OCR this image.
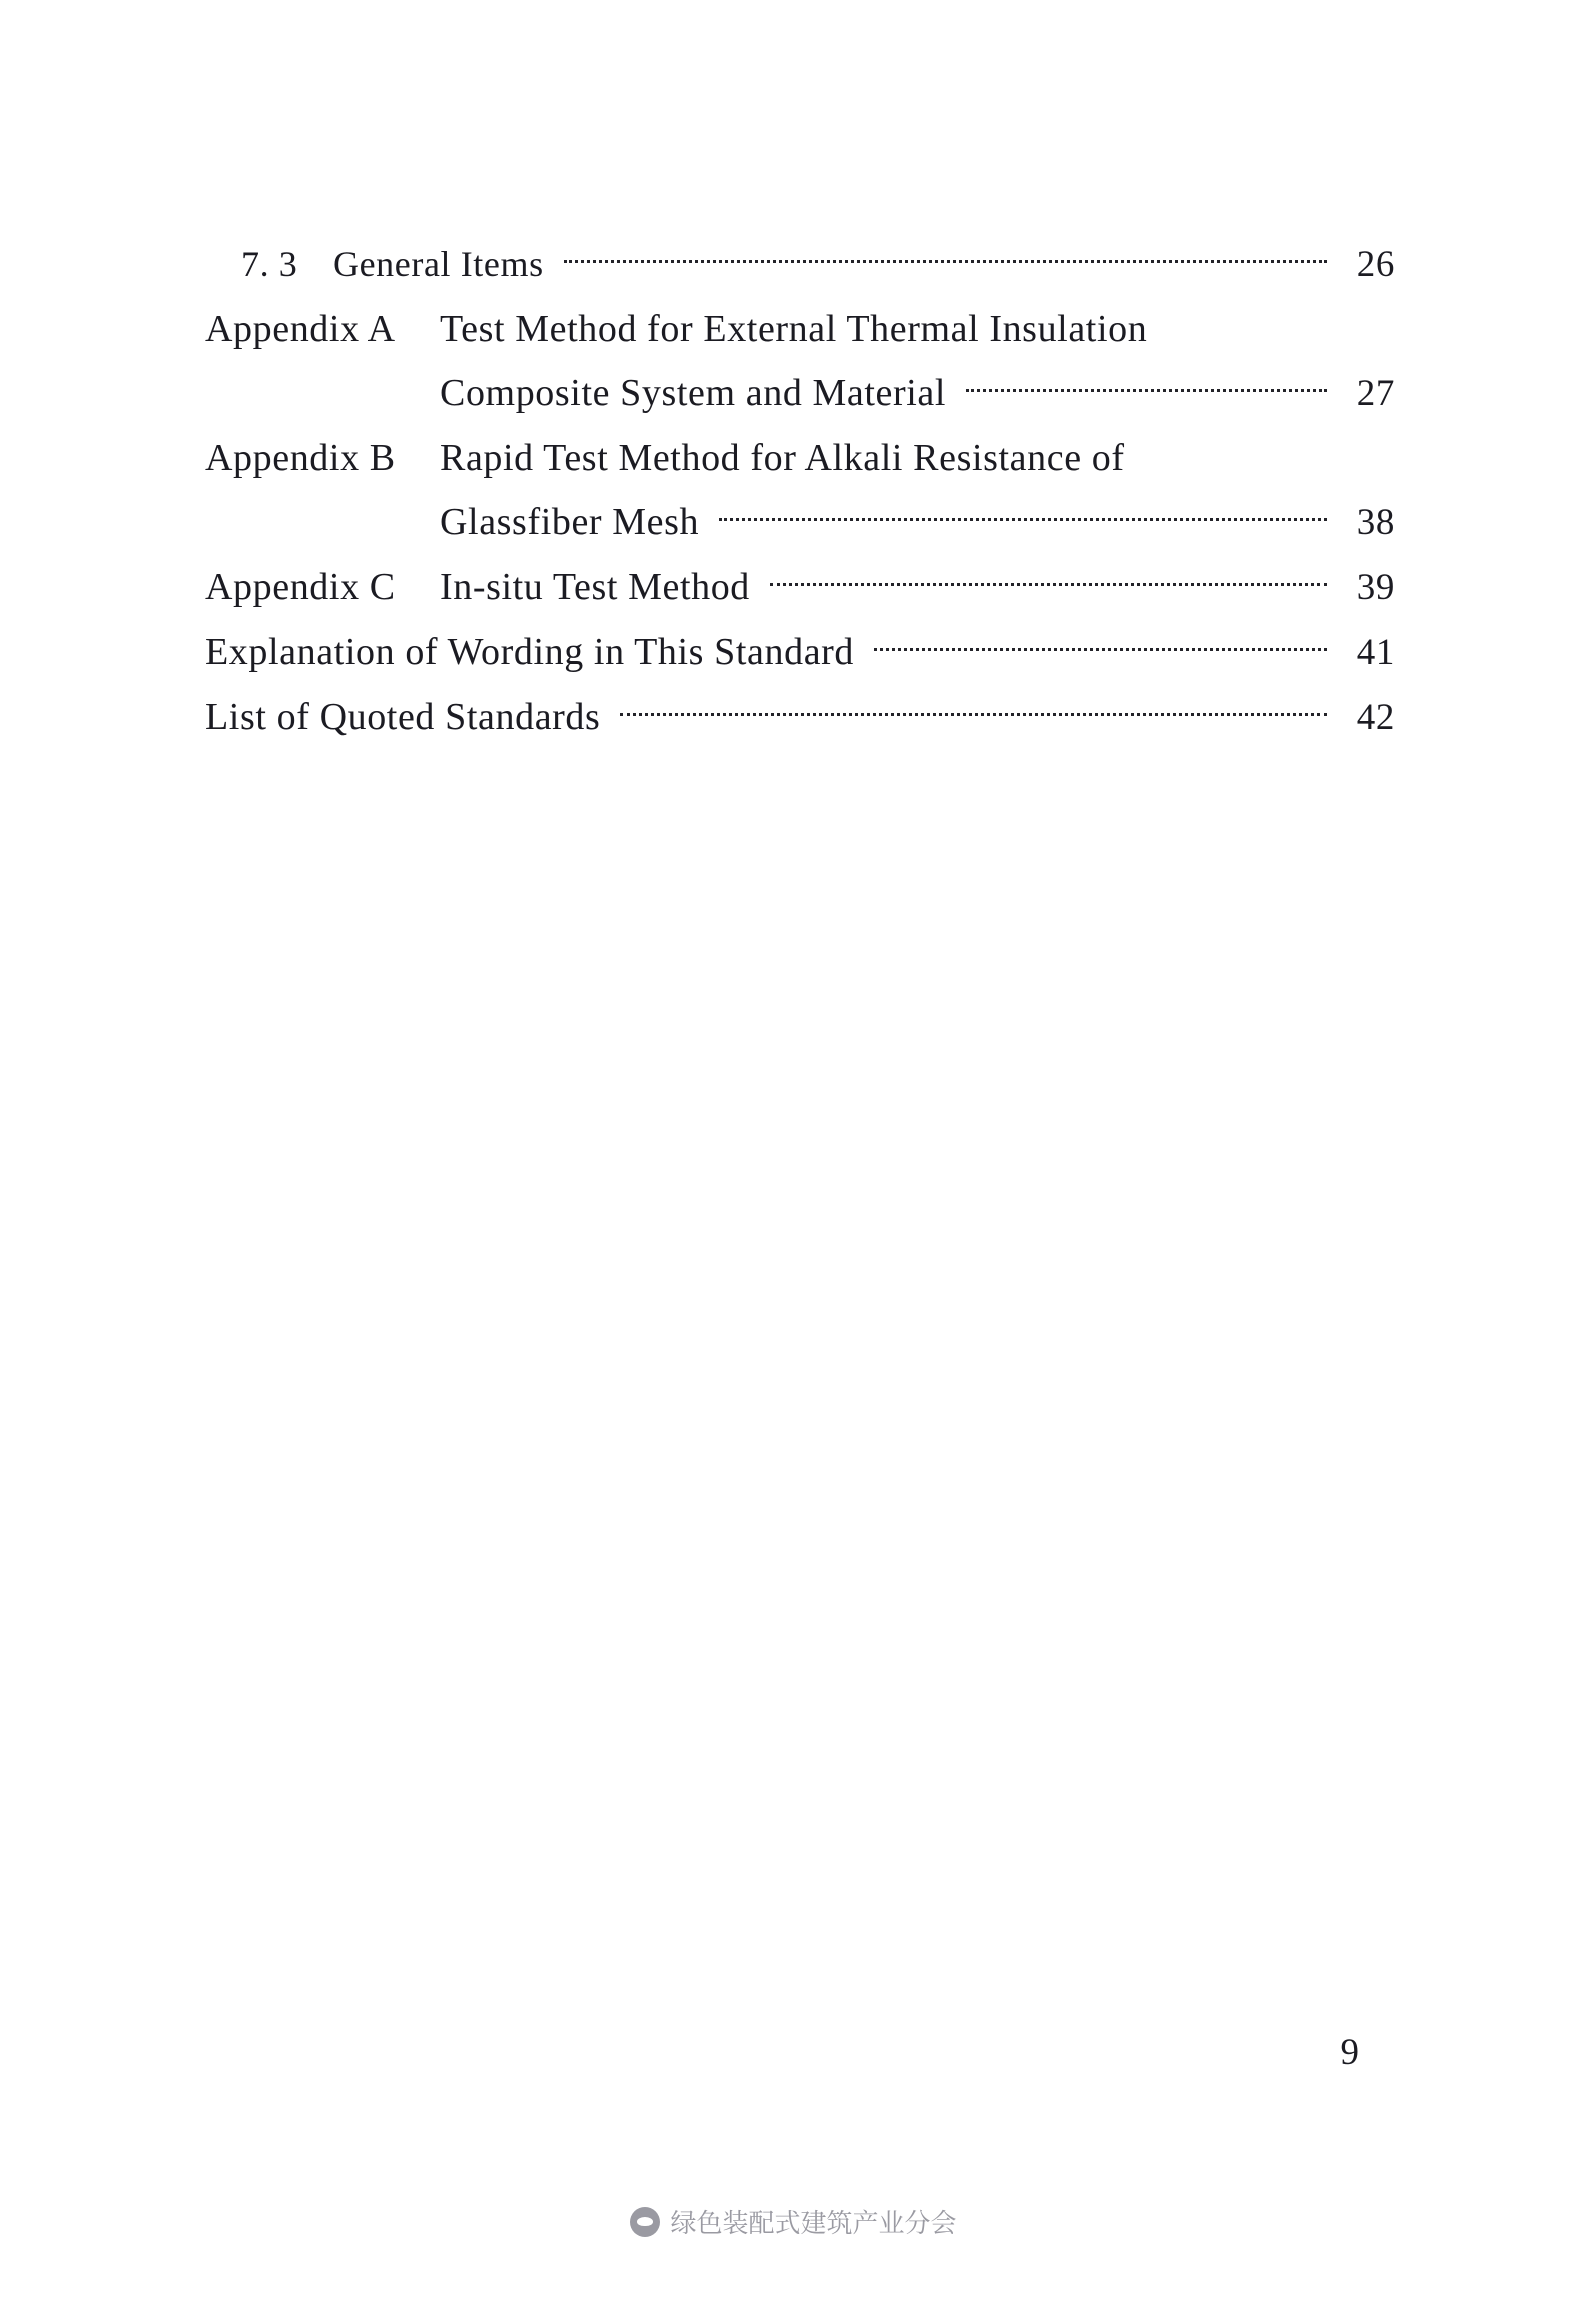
7. 3 General Items	26
Appendix A	Test Method for External Thermal Insulation
Composite System and Material	27
Appendix B	Rapid Test Method for Alkali Resistance of
Glassfiber Mesh	38
Appendix C	In-situ Test Method	39
Explanation of Wording in This Standard	41
List of Quoted Standards	42
9
绿色装配式建筑产业分会
